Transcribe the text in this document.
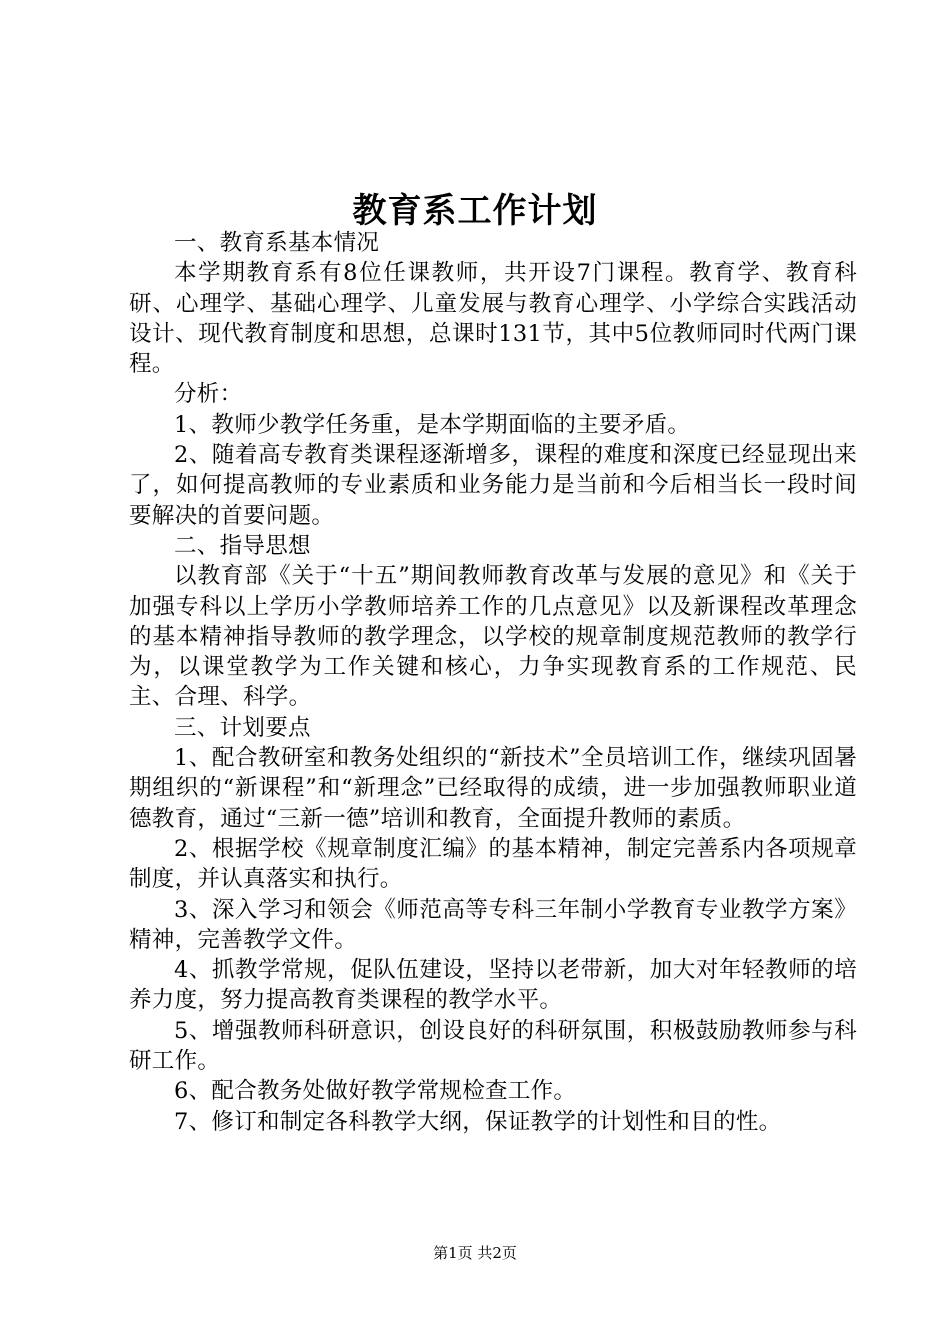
教育系工作计划

一、教育系基本情况

本学期教育系有8位任课教师，共开设7门课程。教育学、教育科研、心理学、基础心理学、儿童发展与教育心理学、小学综合实践活动设计、现代教育制度和思想，总课时131节，其中5位教师同时代两门课程。

分析：

1、教师少教学任务重，是本学期面临的主要矛盾。

2、随着高专教育类课程逐渐增多，课程的难度和深度已经显现出来了，如何提高教师的专业素质和业务能力是当前和今后相当长一段时间要解决的首要问题。

二、指导思想

以教育部《关于“十五”期间教师教育改革与发展的意见》和《关于加强专科以上学历小学教师培养工作的几点意见》以及新课程改革理念的基本精神指导教师的教学理念，以学校的规章制度规范教师的教学行为，以课堂教学为工作关键和核心，力争实现教育系的工作规范、民主、合理、科学。

三、计划要点

1、配合教研室和教务处组织的“新技术”全员培训工作，继续巩固暑期组织的“新课程”和“新理念”已经取得的成绩，进一步加强教师职业道德教育，通过“三新一德”培训和教育，全面提升教师的素质。

2、根据学校《规章制度汇编》的基本精神，制定完善系内各项规章制度，并认真落实和执行。

3、深入学习和领会《师范高等专科三年制小学教育专业教学方案》精神，完善教学文件。

4、抓教学常规，促队伍建设，坚持以老带新，加大对年轻教师的培养力度，努力提高教育类课程的教学水平。

5、增强教师科研意识，创设良好的科研氛围，积极鼓励教师参与科研工作。

6、配合教务处做好教学常规检查工作。

7、修订和制定各科教学大纲，保证教学的计划性和目的性。

第1页 共2页
